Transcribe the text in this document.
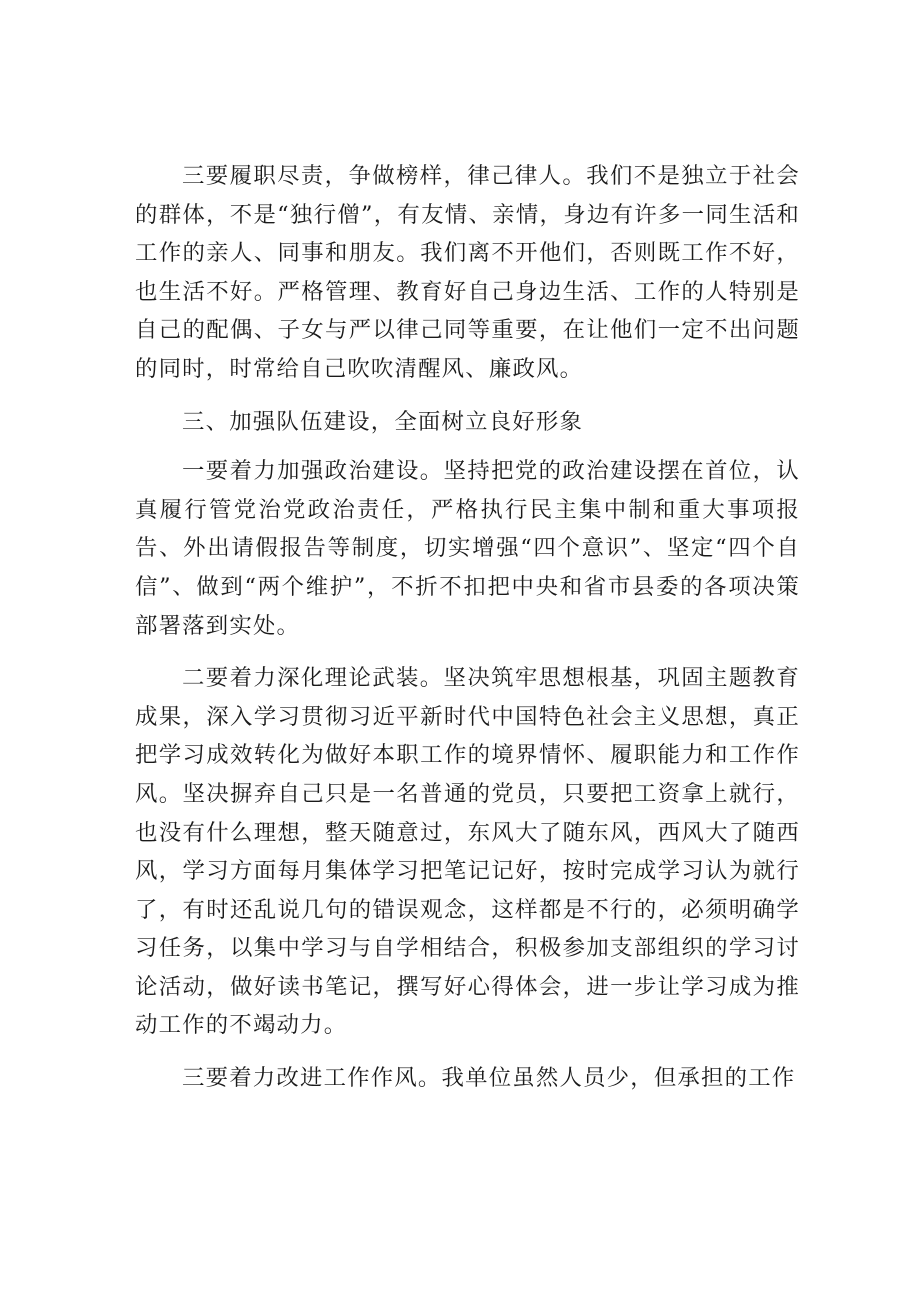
三要履职尽责，争做榜样，律己律人。我们不是独立于社会的群体，不是“独行僧”，有友情、亲情，身边有许多一同生活和工作的亲人、同事和朋友。我们离不开他们，否则既工作不好，也生活不好。严格管理、教育好自己身边生活、工作的人特别是自己的配偶、子女与严以律己同等重要，在让他们一定不出问题的同时，时常给自己吹吹清醒风、廉政风。

三、加强队伍建设，全面树立良好形象

一要着力加强政治建设。坚持把党的政治建设摆在首位，认真履行管党治党政治责任，严格执行民主集中制和重大事项报告、外出请假报告等制度，切实增强“四个意识”、坚定“四个自信”、做到“两个维护”，不折不扣把中央和省市县委的各项决策部署落到实处。

二要着力深化理论武装。坚决筑牢思想根基，巩固主题教育成果，深入学习贯彻习近平新时代中国特色社会主义思想，真正把学习成效转化为做好本职工作的境界情怀、履职能力和工作作风。坚决摒弃自己只是一名普通的党员，只要把工资拿上就行，也没有什么理想，整天随意过，东风大了随东风，西风大了随西风，学习方面每月集体学习把笔记记好，按时完成学习认为就行了，有时还乱说几句的错误观念，这样都是不行的，必须明确学习任务，以集中学习与自学相结合，积极参加支部组织的学习讨论活动，做好读书笔记，撰写好心得体会，进一步让学习成为推动工作的不竭动力。

三要着力改进工作作风。我单位虽然人员少，但承担的工作
